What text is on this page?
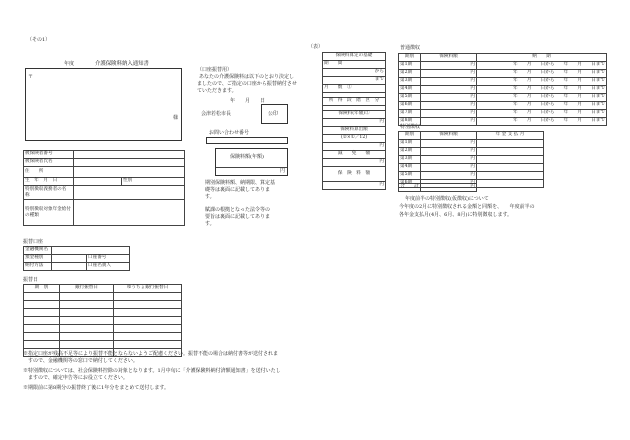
（その1）
（表）
年度	介護保険料納入通知書
〒
様
（口座振替用）
あなたの介護保険料は以下のとおり決定し
ましたので、ご指定の口座から振替納付させ
ていただきます。
年　　月　　日
会津若松市長	公印
お問い合わせ番号
保険料額(年額)
円
期別保険料額、納期限、算定基
礎等は裏面に記載してありま
す。
賦課の根拠となった法令等の
要旨は裏面に記載してありま
す。
被保険者番号		
被保険者氏名		
住　　所		
生　年　月　日		性別
特別徴収義務者の名　　称		
特別徴収対象年金給付の種類		
振替口座
金融機関名		
預金種別		口座番号
納付方法		口座名義人
振替日
期　別	銀行振替日	ゆうちょ銀行振替日

※指定口座が残高不足等により振替不能とならないようご配慮ください。振替不能の場合は納付書等が送付されま
　すので、金融機関等の窓口で納付してください。
※特別徴収については、社会保険料控除の対象となります。1月中旬に「介護保険料納付済額通知書」を送付いたし
　ますので、確定申告等にお役立てください。
※期限前に第8期分の振替終了後に1年分をまとめて送付します。
保険料算定の基礎
期　　間
から
まで
月　　数　①

所　得　段　階　区　分

保険料(年額)②
円
保険料算出額
(②×①／12)
円
減　　免　　額
円
保　険　料　額
円
普通徴収
期別	保険料額	納　　期
第1期	円	年　　月　　日から　　年　　月　　日まで
第2期	円	年　　月　　日から　　年　　月　　日まで
第3期	円	年　　月　　日から　　年　　月　　日まで
第4期	円	年　　月　　日から　　年　　月　　日まで
第5期	円	年　　月　　日から　　年　　月　　日まで
第6期	円	年　　月　　日から　　年　　月　　日まで
第7期	円	年　　月　　日から　　年　　月　　日まで
第8期	円	年　　月　　日から　　年　　月　　日まで
特別徴収
期別	保険料額	年 金 支 払 月
第1期	円	
第2期	円	
第3期	円	
第4期	円	
第5期	円	
第6期	円	
合　　計	円
年度前半の特別徴収(仮徴収)について
今年度の2月に特別徴収される金額と同額を、　　年度前半の
各年金支払月(4月、6月、8月)に特別徴収します。
